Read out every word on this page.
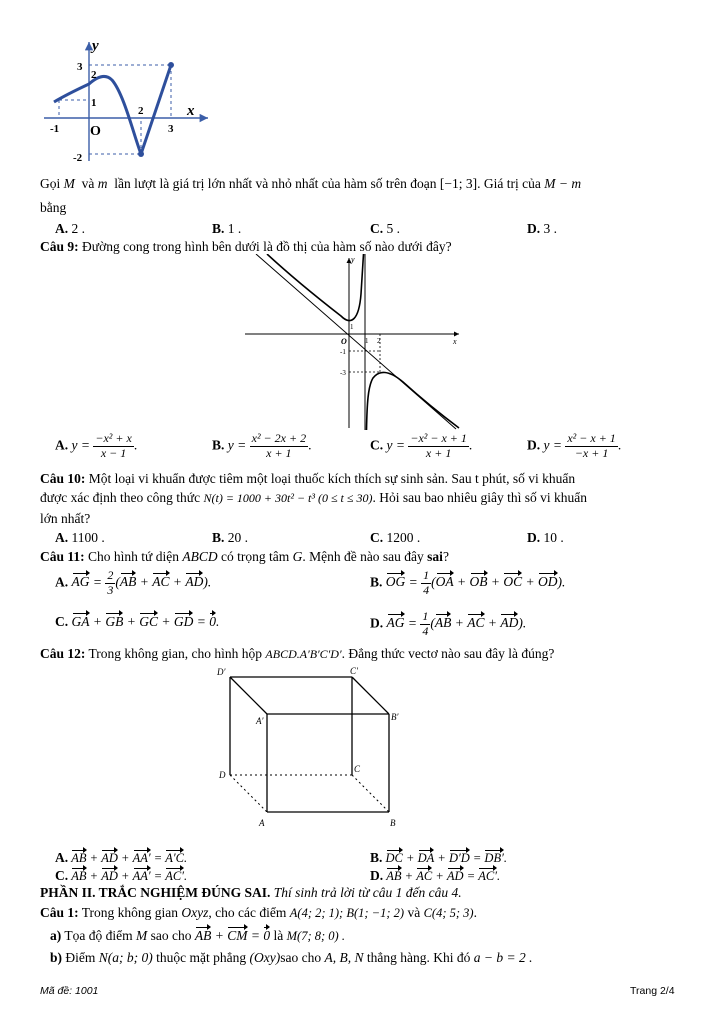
y
x
O
3
2
1
-2
-1
2
3
Gọi M và m lần lượt là giá trị lớn nhất và nhỏ nhất của hàm số trên đoạn [−1; 3]. Giá trị của M − m
bằng
A. 2 .	B. 1 .	C. 5 .	D. 3 .
Câu 9: Đường cong trong hình bên dưới là đồ thị của hàm số nào dưới đây?
y
x
O
1
1 2
-1
-3
A. $y = \frac{\text{−x² + x}}{x - 1}$ .	B. $y = \frac{\text{x² − 2x + 2}}{x + 1}$ .	C. $y = \frac{\text{−x² − x + 1}}{x + 1}$ .	D. $y = \frac{\text{x² − x + 1}}{-x + 1}$ .
Câu 10: Một loại vi khuẩn được tiêm một loại thuốc kích thích sự sinh sản. Sau t phút, số vi khuẩn
được xác định theo công thức N(t) = 1000 + 30t² − t³ (0 ≤ t ≤ 30). Hỏi sau bao nhiêu giây thì số vi khuẩn
lớn nhất?
A. 1100 .	B. 20 .	C. 1200 .	D. 10 .
Câu 11: Cho hình tứ diện ABCD có trọng tâm G. Mệnh đề nào sau đây sai?
A. AG = $\frac{2}{3} (AB$ + AC + AD).	B. OG = $\frac{1}{4} (OA$ + OB + OC + OD).
C. GA + GB + GC + GD = 0.	D. AG = $\frac{1}{4} (AB$ + AC + AD).
Câu 12: Trong không gian, cho hình hộp ABCD.A′B′C′D′. Đẳng thức vectơ nào sau đây là đúng?
D′	C′
A′	B′
D
C
A	B
A. AB + AD + AA′ = A′C.	B. DC + DA + D′D = DB′.
C. AB + AD + AA′ = AC′.	D. AB + AC + AD = AC′.
PHẦN II. TRẮC NGHIỆM ĐÚNG SAI. Thí sinh trả lời từ câu 1 đến câu 4.
Câu 1: Trong không gian Oxyz, cho các điểm A(4; 2; 1); B(1; −1; 2) và C(4; 5; 3).
a) Tọa độ điểm M sao cho AB + CM = 0 là M(7; 8; 0) .
b) Điểm N(a; b; 0) thuộc mặt phẳng (Oxy)sao cho A, B, N thẳng hàng. Khi đó a − b = 2 .
Mã đề: 1001	Trang 2/4
